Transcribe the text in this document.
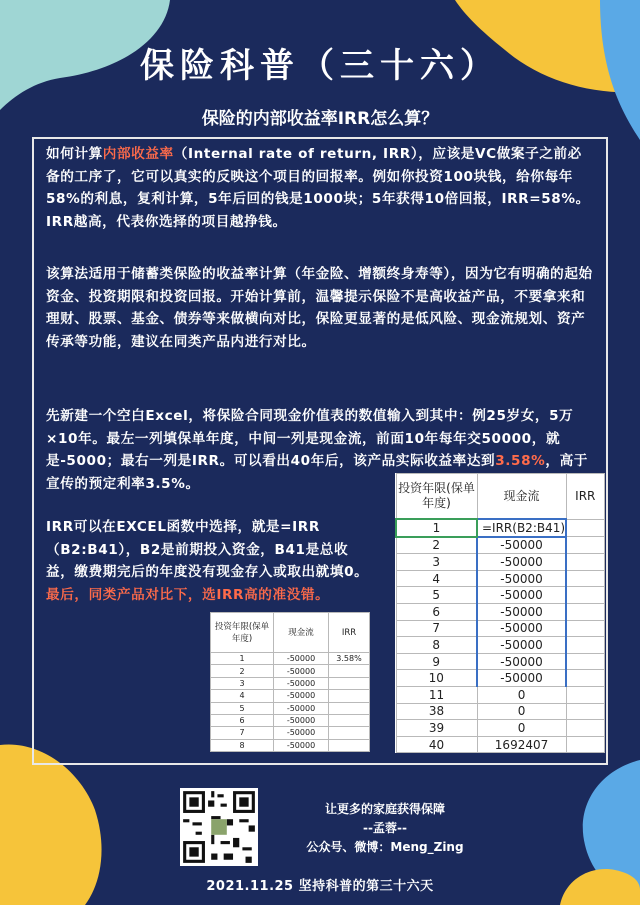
保险科普（三十六）
保险的内部收益率IRR怎么算？
如何计算内部收益率（Internal rate of return, IRR），应该是VC做案子之前必备的工序了，它可以真实的反映这个项目的回报率。例如你投资100块钱，给你每年58%的利息，复利计算，5年后回的钱是1000块；5年获得10倍回报，IRR=58%。IRR越高，代表你选择的项目越挣钱。
该算法适用于储蓄类保险的收益率计算（年金险、增额终身寿等），因为它有明确的起始资金、投资期限和投资回报。开始计算前，温馨提示保险不是高收益产品，不要拿来和理财、股票、基金、债券等来做横向对比，保险更显著的是低风险、现金流规划、资产传承等功能，建议在同类产品内进行对比。
先新建一个空白Excel，将保险合同现金价值表的数值输入到其中：例25岁女，5万×10年。最左一列填保单年度，中间一列是现金流，前面10年每年交50000，就是-5000；最右一列是IRR。可以看出40年后，该产品实际收益率达到3.58%，高于宣传的预定利率3.5%。
IRR可以在EXCEL函数中选择，就是=IRR（B2:B41），B2是前期投入资金，B41是总收益，缴费期完后的年度没有现金存入或取出就填0。最后，同类产品对比下，选IRR高的准没错。
投资年限(保单年度)	现金流	IRR
1	=IRR(B2:B41)	
2	-50000	
3	-50000	
4	-50000	
5	-50000	
6	-50000	
7	-50000	
8	-50000	
9	-50000	
10	-50000	
11	0	
38	0	
39	0	
40	1692407	
投资年限(保单年度)	现金流	IRR
1	-50000	3.58%
2	-50000	
3	-50000	
4	-50000	
5	-50000	
6	-50000	
7	-50000	
8	-50000	
让更多的家庭获得保障
--孟蓉--
公众号、微博：Meng_Zing
2021.11.25 坚持科普的第三十六天
